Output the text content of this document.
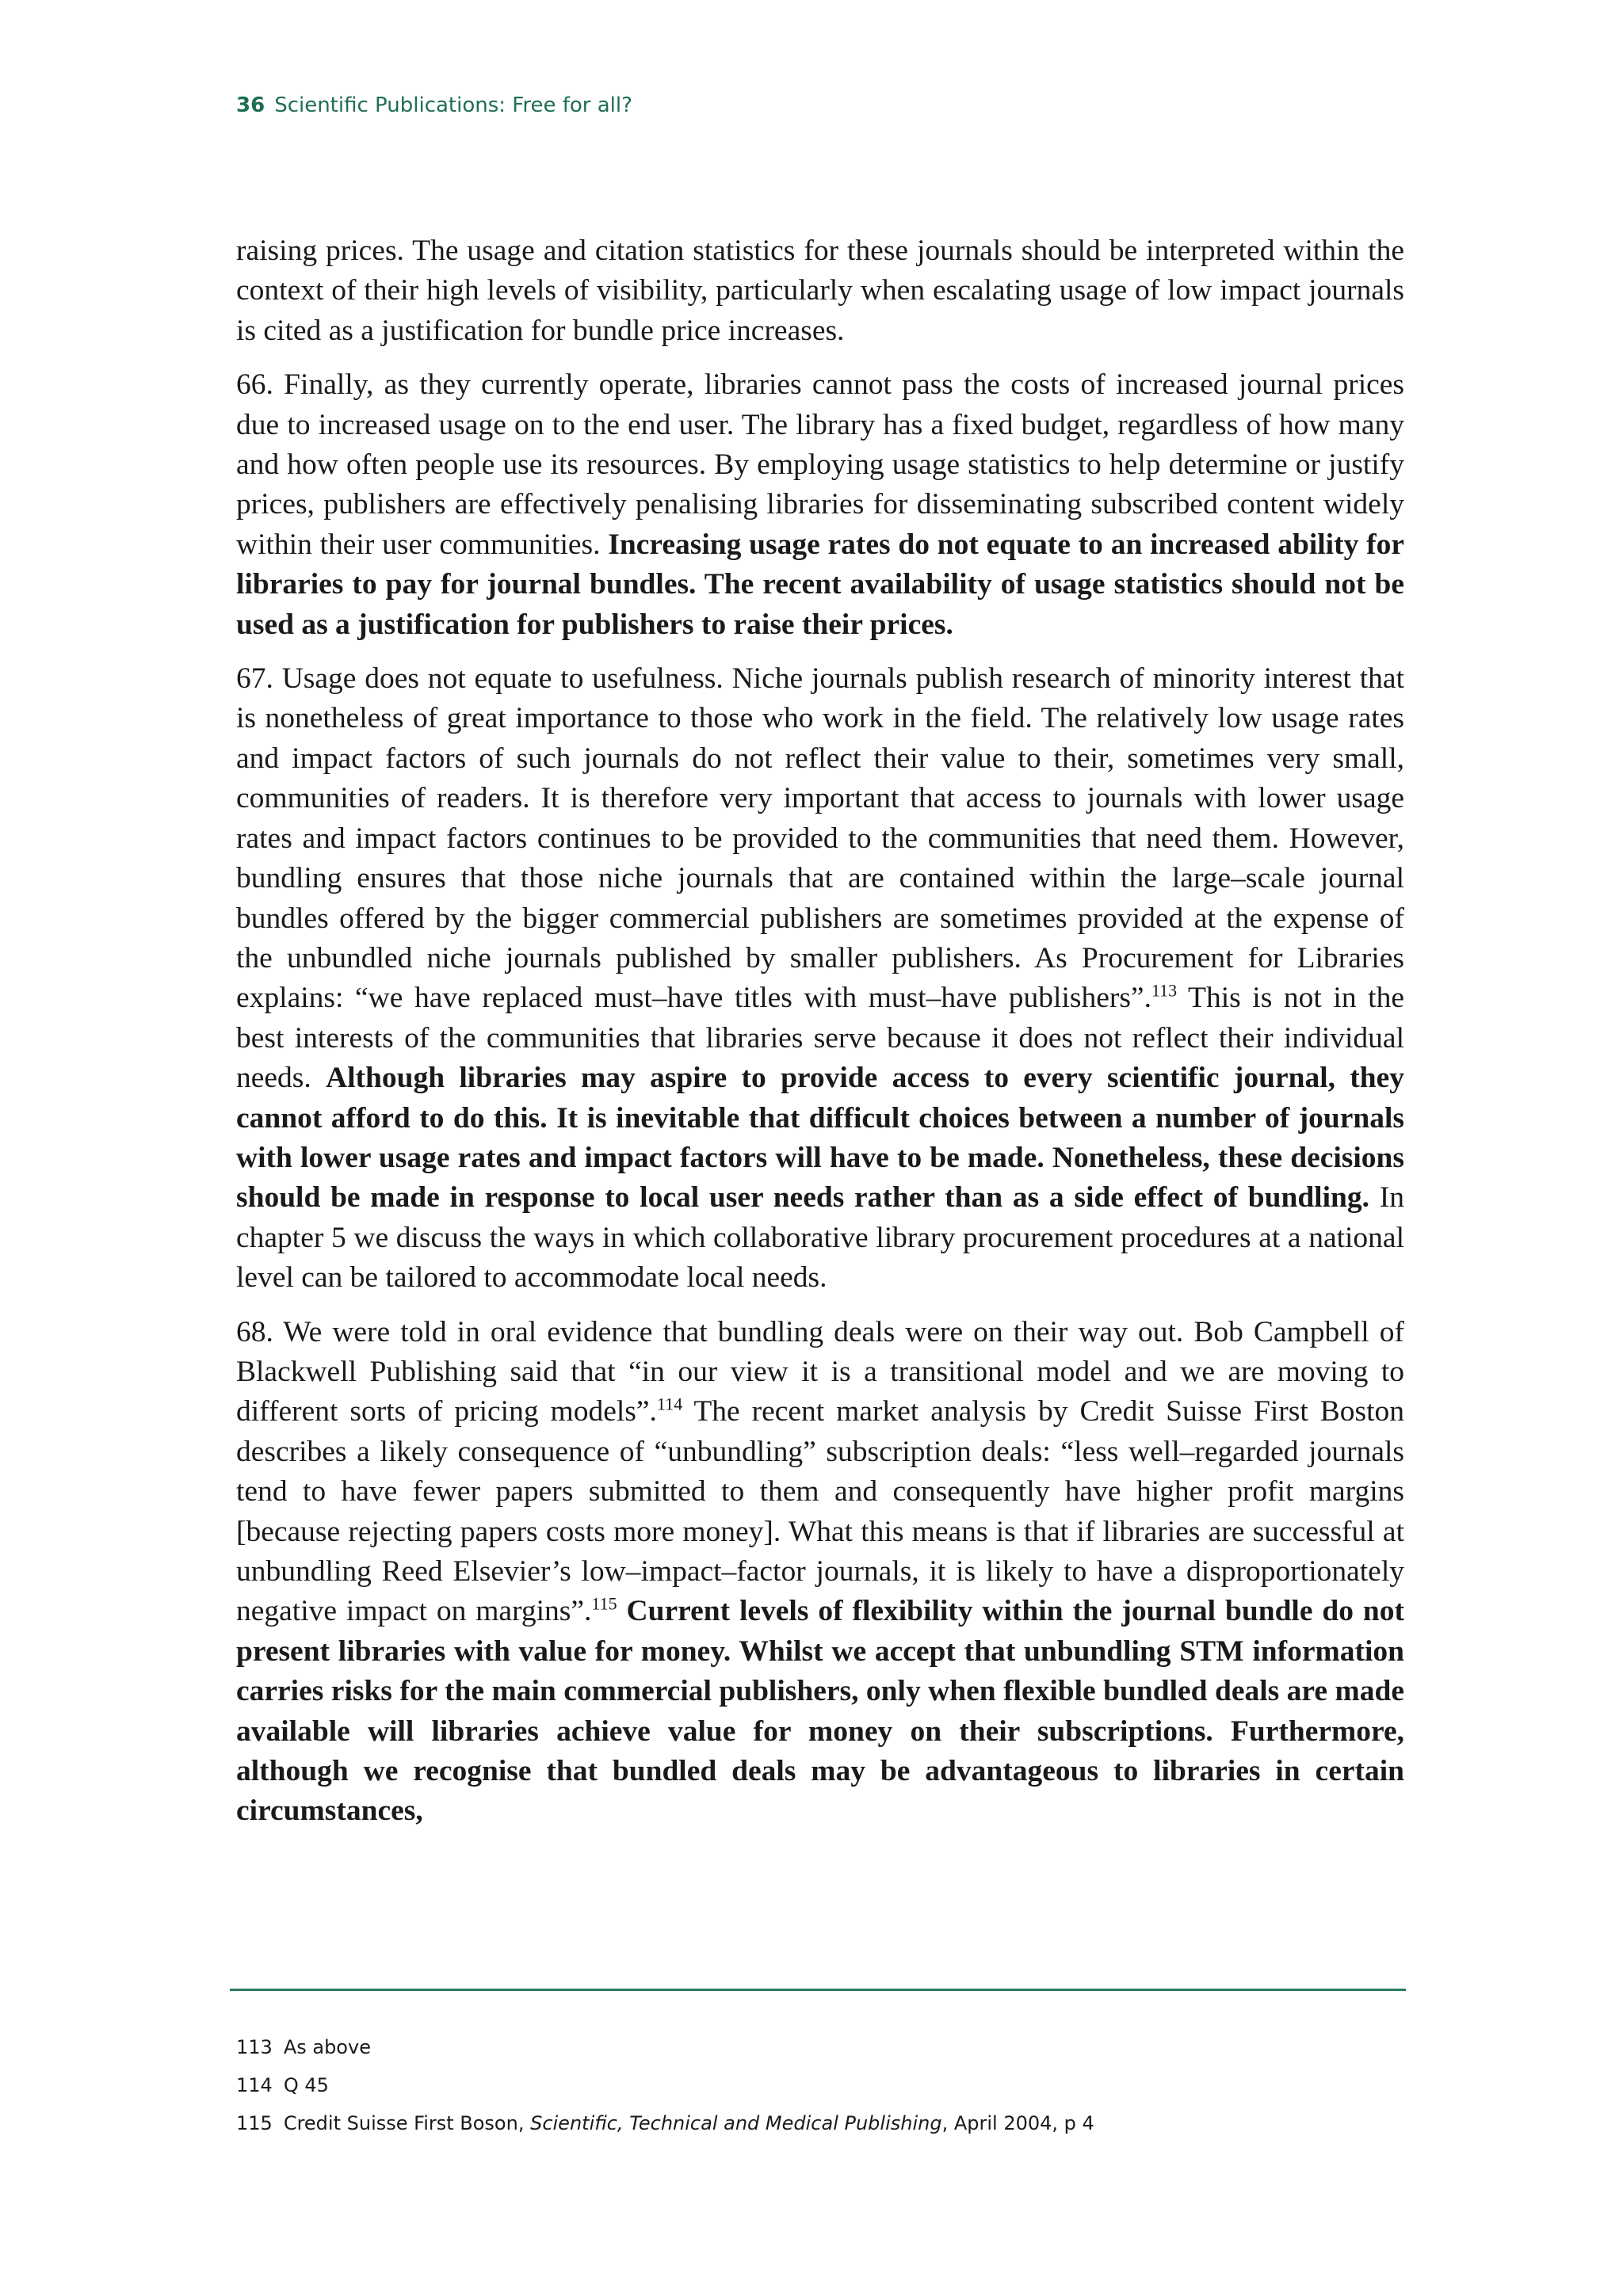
36 Scientific Publications: Free for all?

raising prices. The usage and citation statistics for these journals should be interpreted within the context of their high levels of visibility, particularly when escalating usage of low impact journals is cited as a justification for bundle price increases.

66. Finally, as they currently operate, libraries cannot pass the costs of increased journal prices due to increased usage on to the end user. The library has a fixed budget, regardless of how many and how often people use its resources. By employing usage statistics to help determine or justify prices, publishers are effectively penalising libraries for disseminating subscribed content widely within their user communities. Increasing usage rates do not equate to an increased ability for libraries to pay for journal bundles. The recent availability of usage statistics should not be used as a justification for publishers to raise their prices.

67. Usage does not equate to usefulness. Niche journals publish research of minority interest that is nonetheless of great importance to those who work in the field. The relatively low usage rates and impact factors of such journals do not reflect their value to their, sometimes very small, communities of readers. It is therefore very important that access to journals with lower usage rates and impact factors continues to be provided to the communities that need them. However, bundling ensures that those niche journals that are contained within the large–scale journal bundles offered by the bigger commercial publishers are sometimes provided at the expense of the unbundled niche journals published by smaller publishers. As Procurement for Libraries explains: “we have replaced must–have titles with must–have publishers”.$^{113}$ This is not in the best interests of the communities that libraries serve because it does not reflect their individual needs. Although libraries may aspire to provide access to every scientific journal, they cannot afford to do this. It is inevitable that difficult choices between a number of journals with lower usage rates and impact factors will have to be made. Nonetheless, these decisions should be made in response to local user needs rather than as a side effect of bundling. In chapter 5 we discuss the ways in which collaborative library procurement procedures at a national level can be tailored to accommodate local needs.

68. We were told in oral evidence that bundling deals were on their way out. Bob Campbell of Blackwell Publishing said that “in our view it is a transitional model and we are moving to different sorts of pricing models”.$^{114}$ The recent market analysis by Credit Suisse First Boston describes a likely consequence of “unbundling” subscription deals: “less well–regarded journals tend to have fewer papers submitted to them and consequently have higher profit margins [because rejecting papers costs more money]. What this means is that if libraries are successful at unbundling Reed Elsevier’s low–impact–factor journals, it is likely to have a disproportionately negative impact on margins”.$^{115}$ Current levels of flexibility within the journal bundle do not present libraries with value for money. Whilst we accept that unbundling STM information carries risks for the main commercial publishers, only when flexible bundled deals are made available will libraries achieve value for money on their subscriptions. Furthermore, although we recognise that bundled deals may be advantageous to libraries in certain circumstances,

113 As above
114 Q 45
115 Credit Suisse First Boson, Scientific, Technical and Medical Publishing, April 2004, p 4
